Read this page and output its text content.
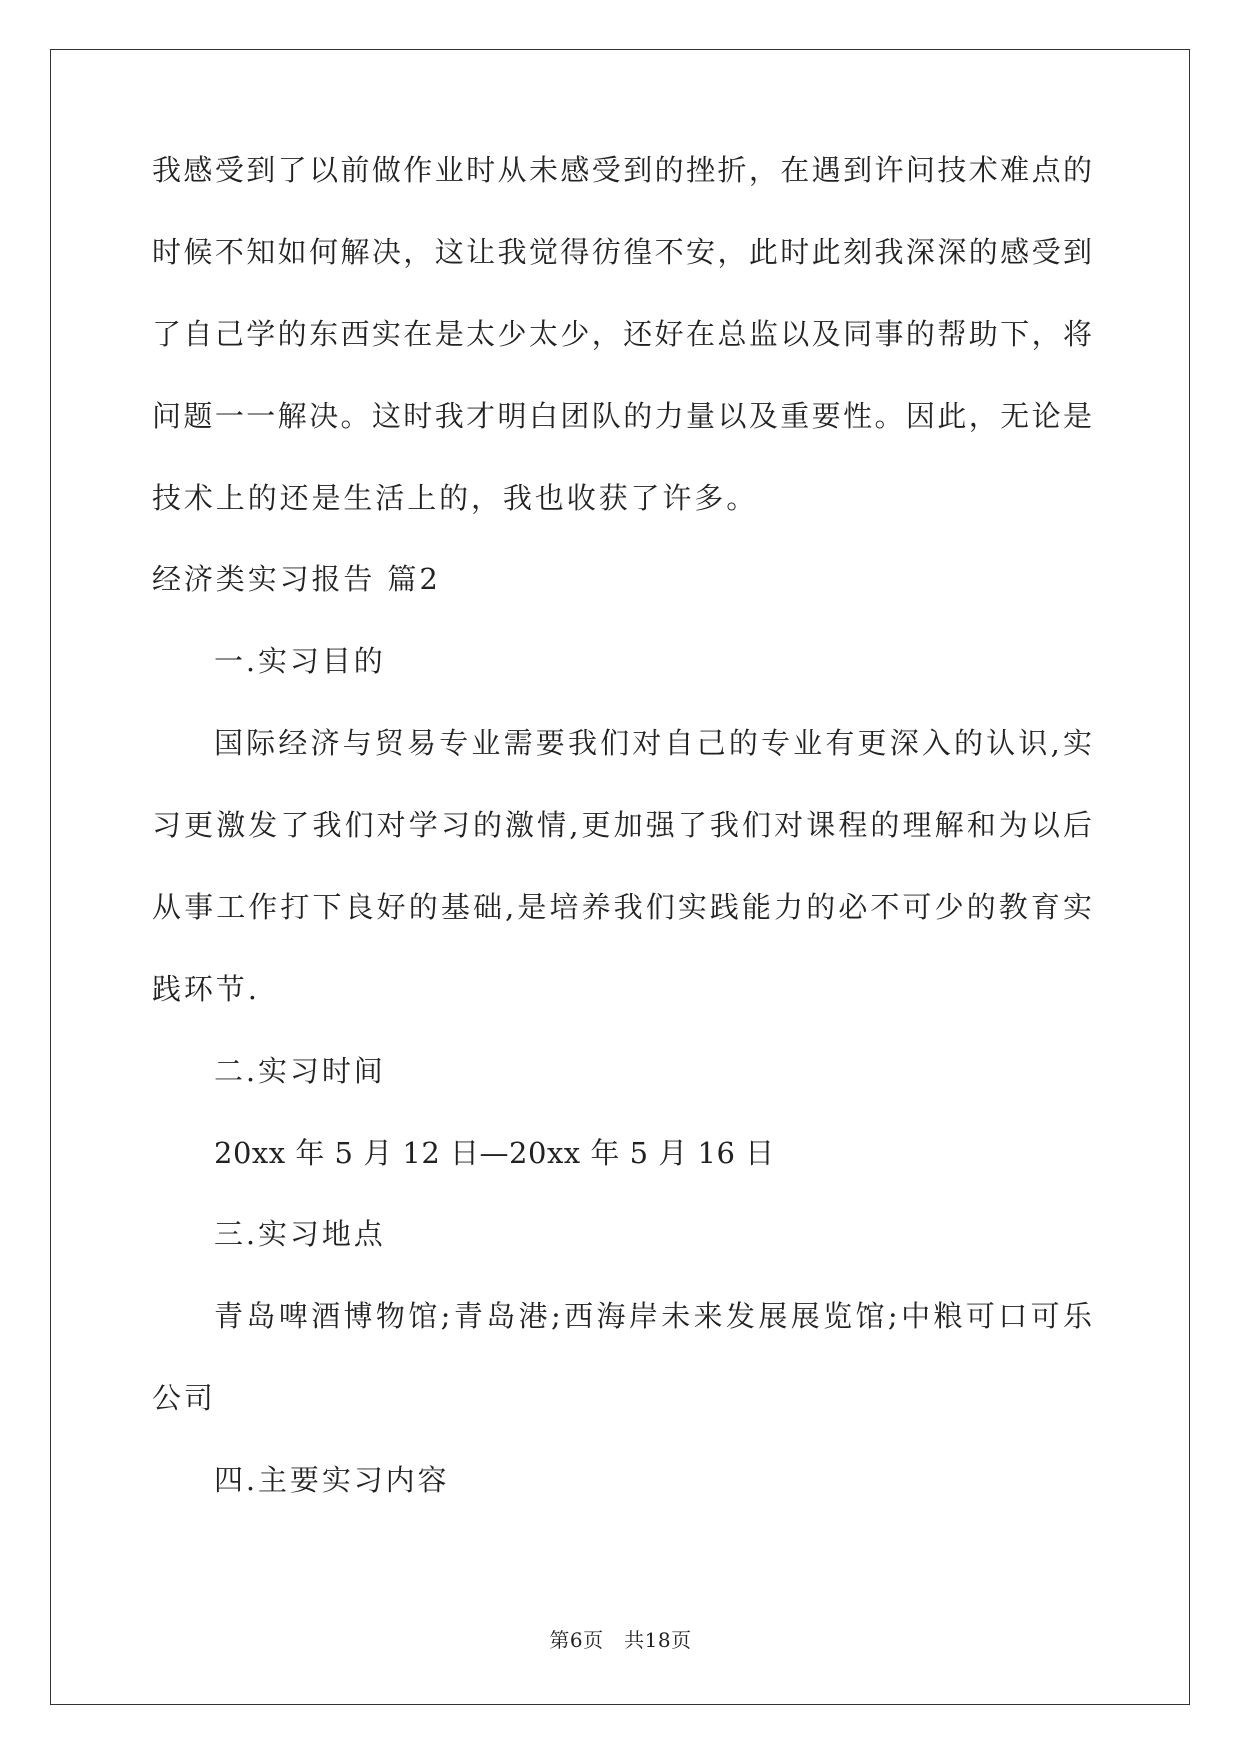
我感受到了以前做作业时从未感受到的挫折，在遇到许问技术难点的
时候不知如何解决，这让我觉得彷徨不安，此时此刻我深深的感受到
了自己学的东西实在是太少太少，还好在总监以及同事的帮助下，将
问题一一解决。这时我才明白团队的力量以及重要性。因此，无论是
技术上的还是生活上的，我也收获了许多。
经济类实习报告 篇2
一.实习目的
国际经济与贸易专业需要我们对自己的专业有更深入的认识,实
习更激发了我们对学习的激情,更加强了我们对课程的理解和为以后
从事工作打下良好的基础,是培养我们实践能力的必不可少的教育实
践环节.
二.实习时间
20xx 年 5 月 12 日—20xx 年 5 月 16 日
三.实习地点
青岛啤酒博物馆;青岛港;西海岸未来发展展览馆;中粮可口可乐
公司
四.主要实习内容
第6页　共18页
